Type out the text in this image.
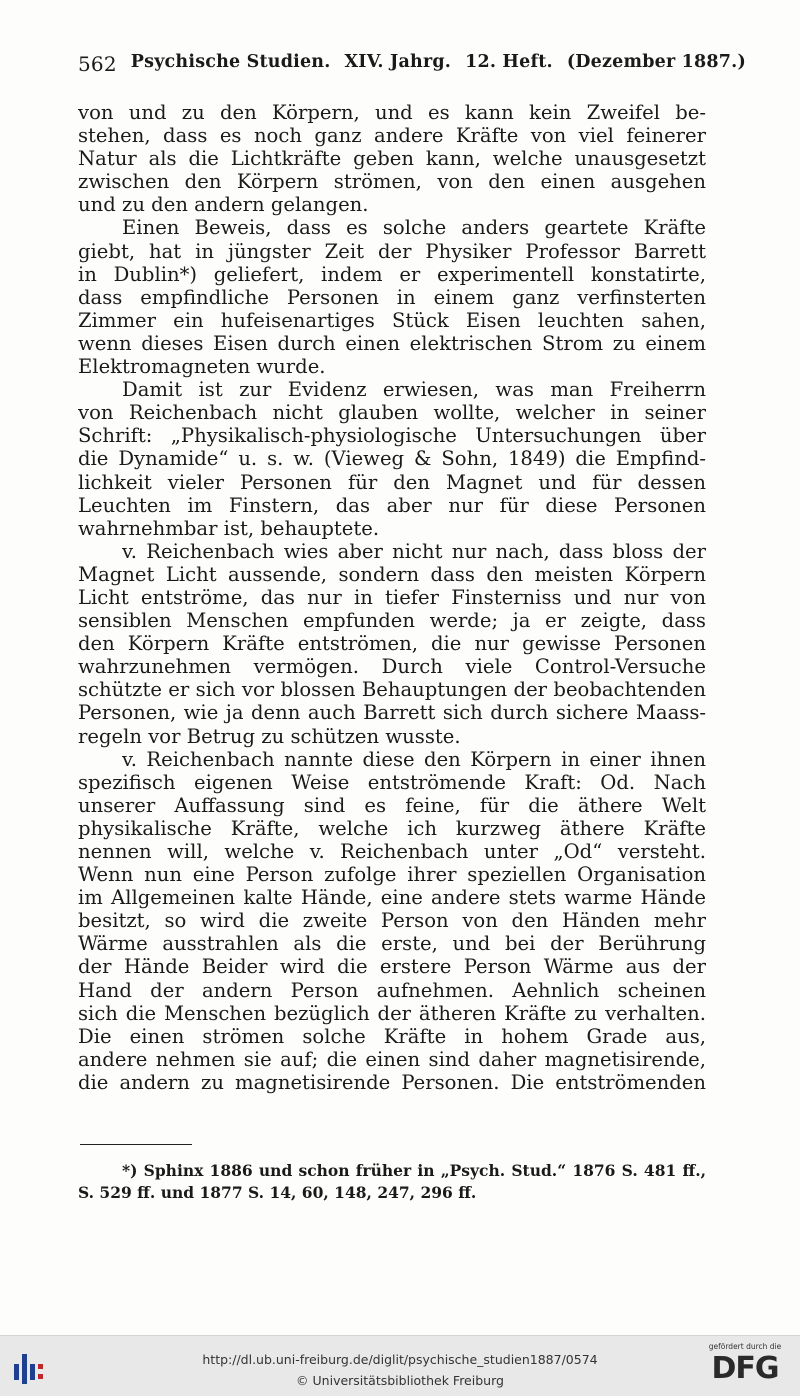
562 Psychische Studien. XIV. Jahrg. 12. Heft. (Dezember 1887.)
von und zu den Körpern, und es kann kein Zweifel be-
stehen, dass es noch ganz andere Kräfte von viel feinerer
Natur als die Lichtkräfte geben kann, welche unausgesetzt
zwischen den Körpern strömen, von den einen ausgehen
und zu den andern gelangen.
Einen Beweis, dass es solche anders geartete Kräfte
giebt, hat in jüngster Zeit der Physiker Professor Barrett
in Dublin*) geliefert, indem er experimentell konstatirte,
dass empfindliche Personen in einem ganz verfinsterten
Zimmer ein hufeisenartiges Stück Eisen leuchten sahen,
wenn dieses Eisen durch einen elektrischen Strom zu einem
Elektromagneten wurde.
Damit ist zur Evidenz erwiesen, was man Freiherrn
von Reichenbach nicht glauben wollte, welcher in seiner
Schrift: „Physikalisch-physiologische Untersuchungen über
die Dynamide“ u. s. w. (Vieweg & Sohn, 1849) die Empfind-
lichkeit vieler Personen für den Magnet und für dessen
Leuchten im Finstern, das aber nur für diese Personen
wahrnehmbar ist, behauptete.
v. Reichenbach wies aber nicht nur nach, dass bloss der
Magnet Licht aussende, sondern dass den meisten Körpern
Licht entströme, das nur in tiefer Finsterniss und nur von
sensiblen Menschen empfunden werde; ja er zeigte, dass
den Körpern Kräfte entströmen, die nur gewisse Personen
wahrzunehmen vermögen. Durch viele Control-Versuche
schützte er sich vor blossen Behauptungen der beobachtenden
Personen, wie ja denn auch Barrett sich durch sichere Maass-
regeln vor Betrug zu schützen wusste.
v. Reichenbach nannte diese den Körpern in einer ihnen
spezifisch eigenen Weise entströmende Kraft: Od. Nach
unserer Auffassung sind es feine, für die äthere Welt
physikalische Kräfte, welche ich kurzweg äthere Kräfte
nennen will, welche v. Reichenbach unter „Od“ versteht.
Wenn nun eine Person zufolge ihrer speziellen Organisation
im Allgemeinen kalte Hände, eine andere stets warme Hände
besitzt, so wird die zweite Person von den Händen mehr
Wärme ausstrahlen als die erste, und bei der Berührung
der Hände Beider wird die erstere Person Wärme aus der
Hand der andern Person aufnehmen. Aehnlich scheinen
sich die Menschen bezüglich der ätheren Kräfte zu verhalten.
Die einen strömen solche Kräfte in hohem Grade aus,
andere nehmen sie auf; die einen sind daher magnetisirende,
die andern zu magnetisirende Personen. Die entströmenden
*) Sphinx 1886 und schon früher in „Psych. Stud.“ 1876 S. 481 ff.,
S. 529 ff. und 1877 S. 14, 60, 148, 247, 296 ff.
http://dl.ub.uni-freiburg.de/diglit/psychische_studien1887/0574
© Universitätsbibliothek Freiburg
gefördert durch die
DFG
